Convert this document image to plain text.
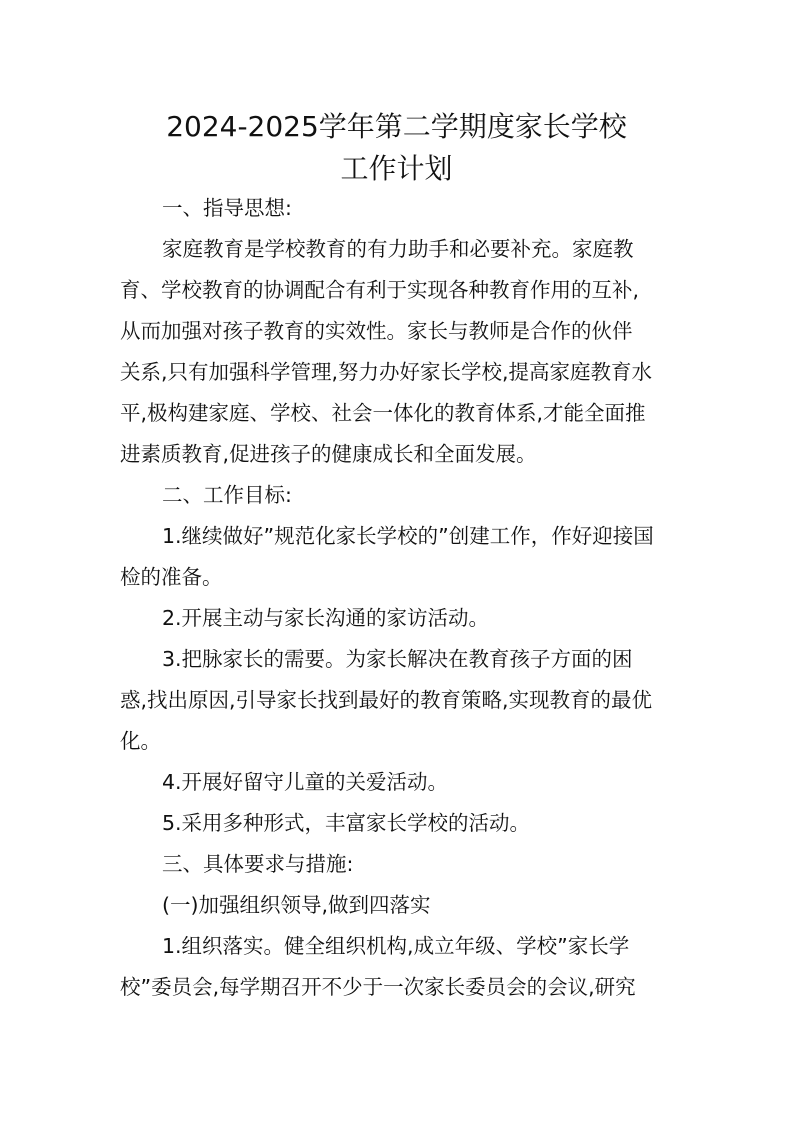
2024-2025学年第二学期度家长学校
工作计划
一、指导思想:
家庭教育是学校教育的有力助手和必要补充。家庭教
育、学校教育的协调配合有利于实现各种教育作用的互补,
从而加强对孩子教育的实效性。家长与教师是合作的伙伴
关系,只有加强科学管理,努力办好家长学校,提高家庭教育水
平,极构建家庭、学校、社会一体化的教育体系,才能全面推
进素质教育,促进孩子的健康成长和全面发展。
二、工作目标:
1.继续做好”规范化家长学校的”创建工作，作好迎接国
检的准备。
2.开展主动与家长沟通的家访活动。
3.把脉家长的需要。为家长解决在教育孩子方面的困
惑,找出原因,引导家长找到最好的教育策略,实现教育的最优
化。
4.开展好留守儿童的关爱活动。
5.采用多种形式，丰富家长学校的活动。
三、具体要求与措施:
(一)加强组织领导,做到四落实
1.组织落实。健全组织机构,成立年级、学校”家长学
校”委员会,每学期召开不少于一次家长委员会的会议,研究
